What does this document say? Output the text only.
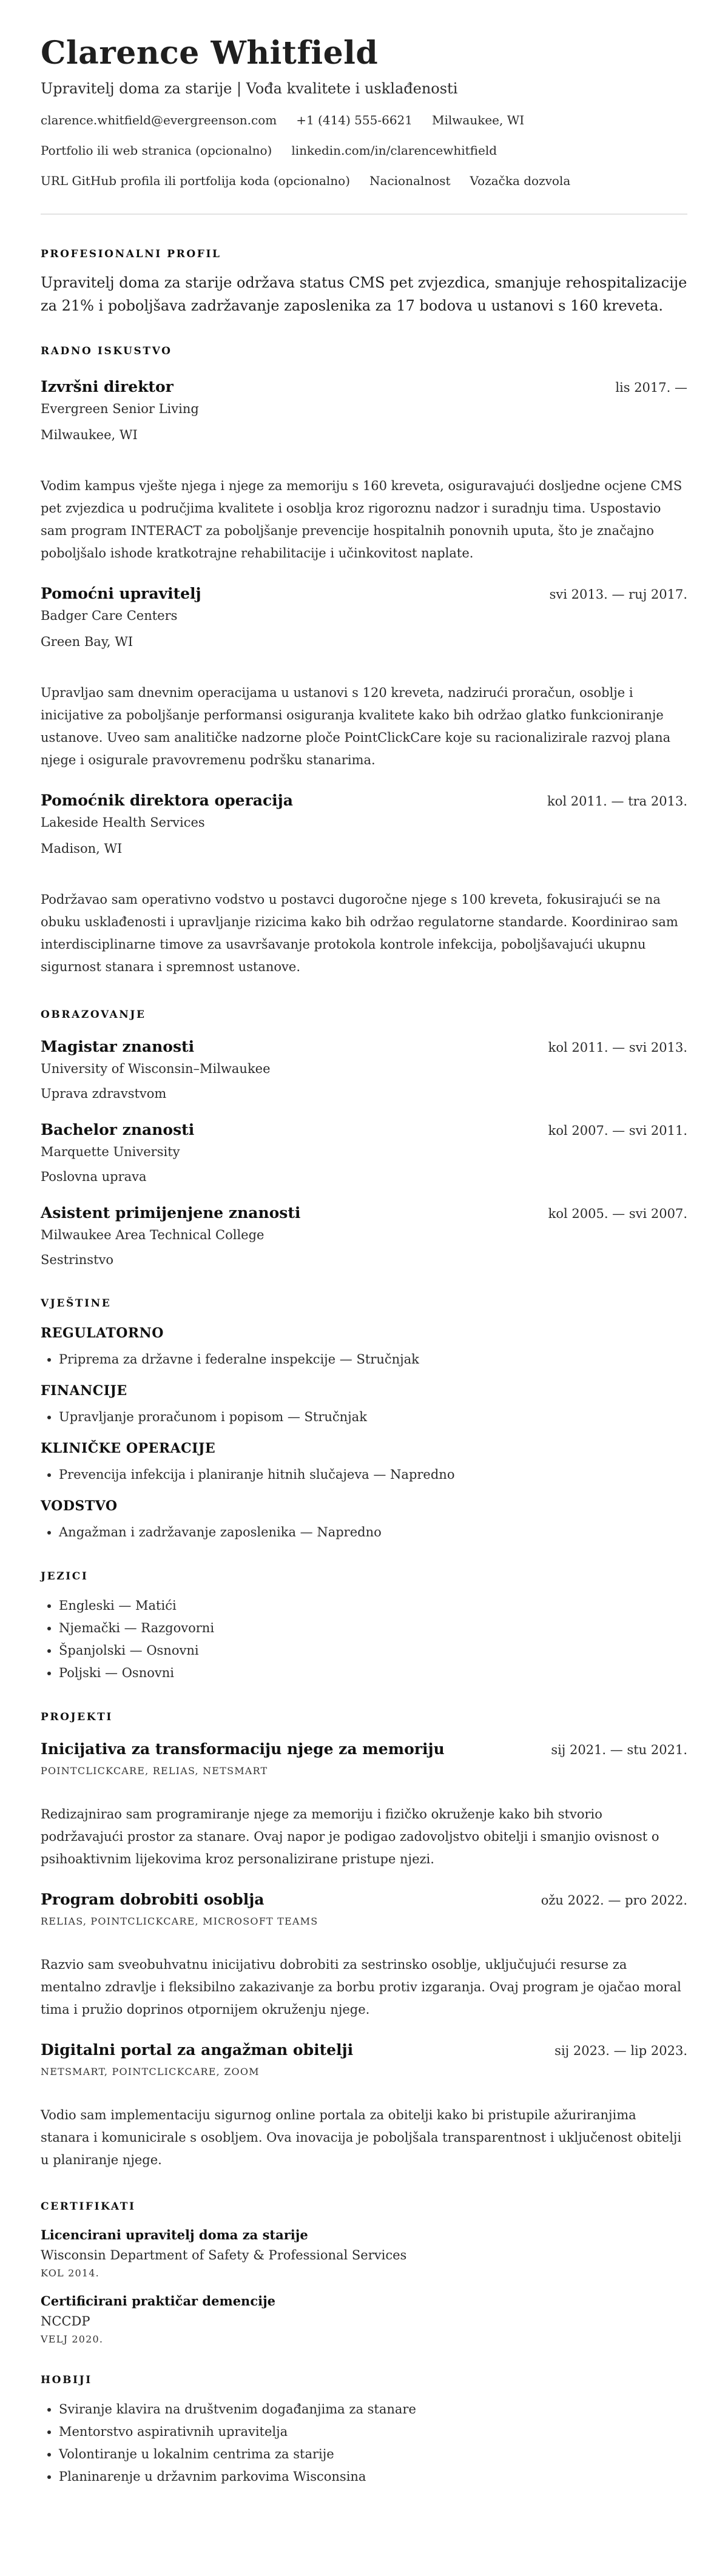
Clarence Whitfield
Upravitelj doma za starije | Vođa kvalitete i usklađenosti
clarence.whitfield@evergreenson.com +1 (414) 555-6621 Milwaukee, WI
Portfolio ili web stranica (opcionalno) linkedin.com/in/clarencewhitfield
URL GitHub profila ili portfolija koda (opcionalno) Nacionalnost Vozačka dozvola
PROFESIONALNI PROFIL
Upravitelj doma za starije održava status CMS pet zvjezdica, smanjuje rehospitalizacije za 21% i poboljšava zadržavanje zaposlenika za 17 bodova u ustanovi s 160 kreveta.
RADNO ISKUSTVO
Izvršni direktor	lis 2017. —
Evergreen Senior Living
Milwaukee, WI
Vodim kampus vješte njega i njege za memoriju s 160 kreveta, osiguravajući dosljedne ocjene CMS pet zvjezdica u područjima kvalitete i osoblja kroz rigoroznu nadzor i suradnju tima. Uspostavio sam program INTERACT za poboljšanje prevencije hospitalnih ponovnih uputa, što je značajno poboljšalo ishode kratkotrajne rehabilitacije i učinkovitost naplate.
Pomoćni upravitelj	svi 2013. — ruj 2017.
Badger Care Centers
Green Bay, WI
Upravljao sam dnevnim operacijama u ustanovi s 120 kreveta, nadzirući proračun, osoblje i inicijative za poboljšanje performansi osiguranja kvalitete kako bih održao glatko funkcioniranje ustanove. Uveo sam analitičke nadzorne ploče PointClickCare koje su racionalizirale razvoj plana njege i osigurale pravovremenu podršku stanarima.
Pomoćnik direktora operacija	kol 2011. — tra 2013.
Lakeside Health Services
Madison, WI
Podržavao sam operativno vodstvo u postavci dugoročne njege s 100 kreveta, fokusirajući se na obuku usklađenosti i upravljanje rizicima kako bih održao regulatorne standarde. Koordinirao sam interdisciplinarne timove za usavršavanje protokola kontrole infekcija, poboljšavajući ukupnu sigurnost stanara i spremnost ustanove.
OBRAZOVANJE
Magistar znanosti	kol 2011. — svi 2013.
University of Wisconsin–Milwaukee
Uprava zdravstvom
Bachelor znanosti	kol 2007. — svi 2011.
Marquette University
Poslovna uprava
Asistent primijenjene znanosti	kol 2005. — svi 2007.
Milwaukee Area Technical College
Sestrinstvo
VJEŠTINE
REGULATORNO
• Priprema za državne i federalne inspekcije — Stručnjak
FINANCIJE
• Upravljanje proračunom i popisom — Stručnjak
KLINIČKE OPERACIJE
• Prevencija infekcija i planiranje hitnih slučajeva — Napredno
VODSTVO
• Angažman i zadržavanje zaposlenika — Napredno
JEZICI
• Engleski — Matići
• Njemački — Razgovorni
• Španjolski — Osnovni
• Poljski — Osnovni
PROJEKTI
Inicijativa za transformaciju njege za memoriju	sij 2021. — stu 2021.
POINTCLICKCARE, RELIAS, NETSMART
Redizajnirao sam programiranje njege za memoriju i fizičko okruženje kako bih stvorio podržavajući prostor za stanare. Ovaj napor je podigao zadovoljstvo obitelji i smanjio ovisnost o psihoaktivnim lijekovima kroz personalizirane pristupe njezi.
Program dobrobiti osoblja	ožu 2022. — pro 2022.
RELIAS, POINTCLICKCARE, MICROSOFT TEAMS
Razvio sam sveobuhvatnu inicijativu dobrobiti za sestrinsko osoblje, uključujući resurse za mentalno zdravlje i fleksibilno zakazivanje za borbu protiv izgaranja. Ovaj program je ojačao moral tima i pružio doprinos otpornijem okruženju njege.
Digitalni portal za angažman obitelji	sij 2023. — lip 2023.
NETSMART, POINTCLICKCARE, ZOOM
Vodio sam implementaciju sigurnog online portala za obitelji kako bi pristupile ažuriranjima stanara i komunicirale s osobljem. Ova inovacija je poboljšala transparentnost i uključenost obitelji u planiranje njege.
CERTIFIKATI
Licencirani upravitelj doma za starije
Wisconsin Department of Safety & Professional Services
KOL 2014.
Certificirani praktičar demencije
NCCDP
VELJ 2020.
HOBIJI
• Sviranje klavira na društvenim događanjima za stanare
• Mentorstvo aspirativnih upravitelja
• Volontiranje u lokalnim centrima za starije
• Planinarenje u državnim parkovima Wisconsina
